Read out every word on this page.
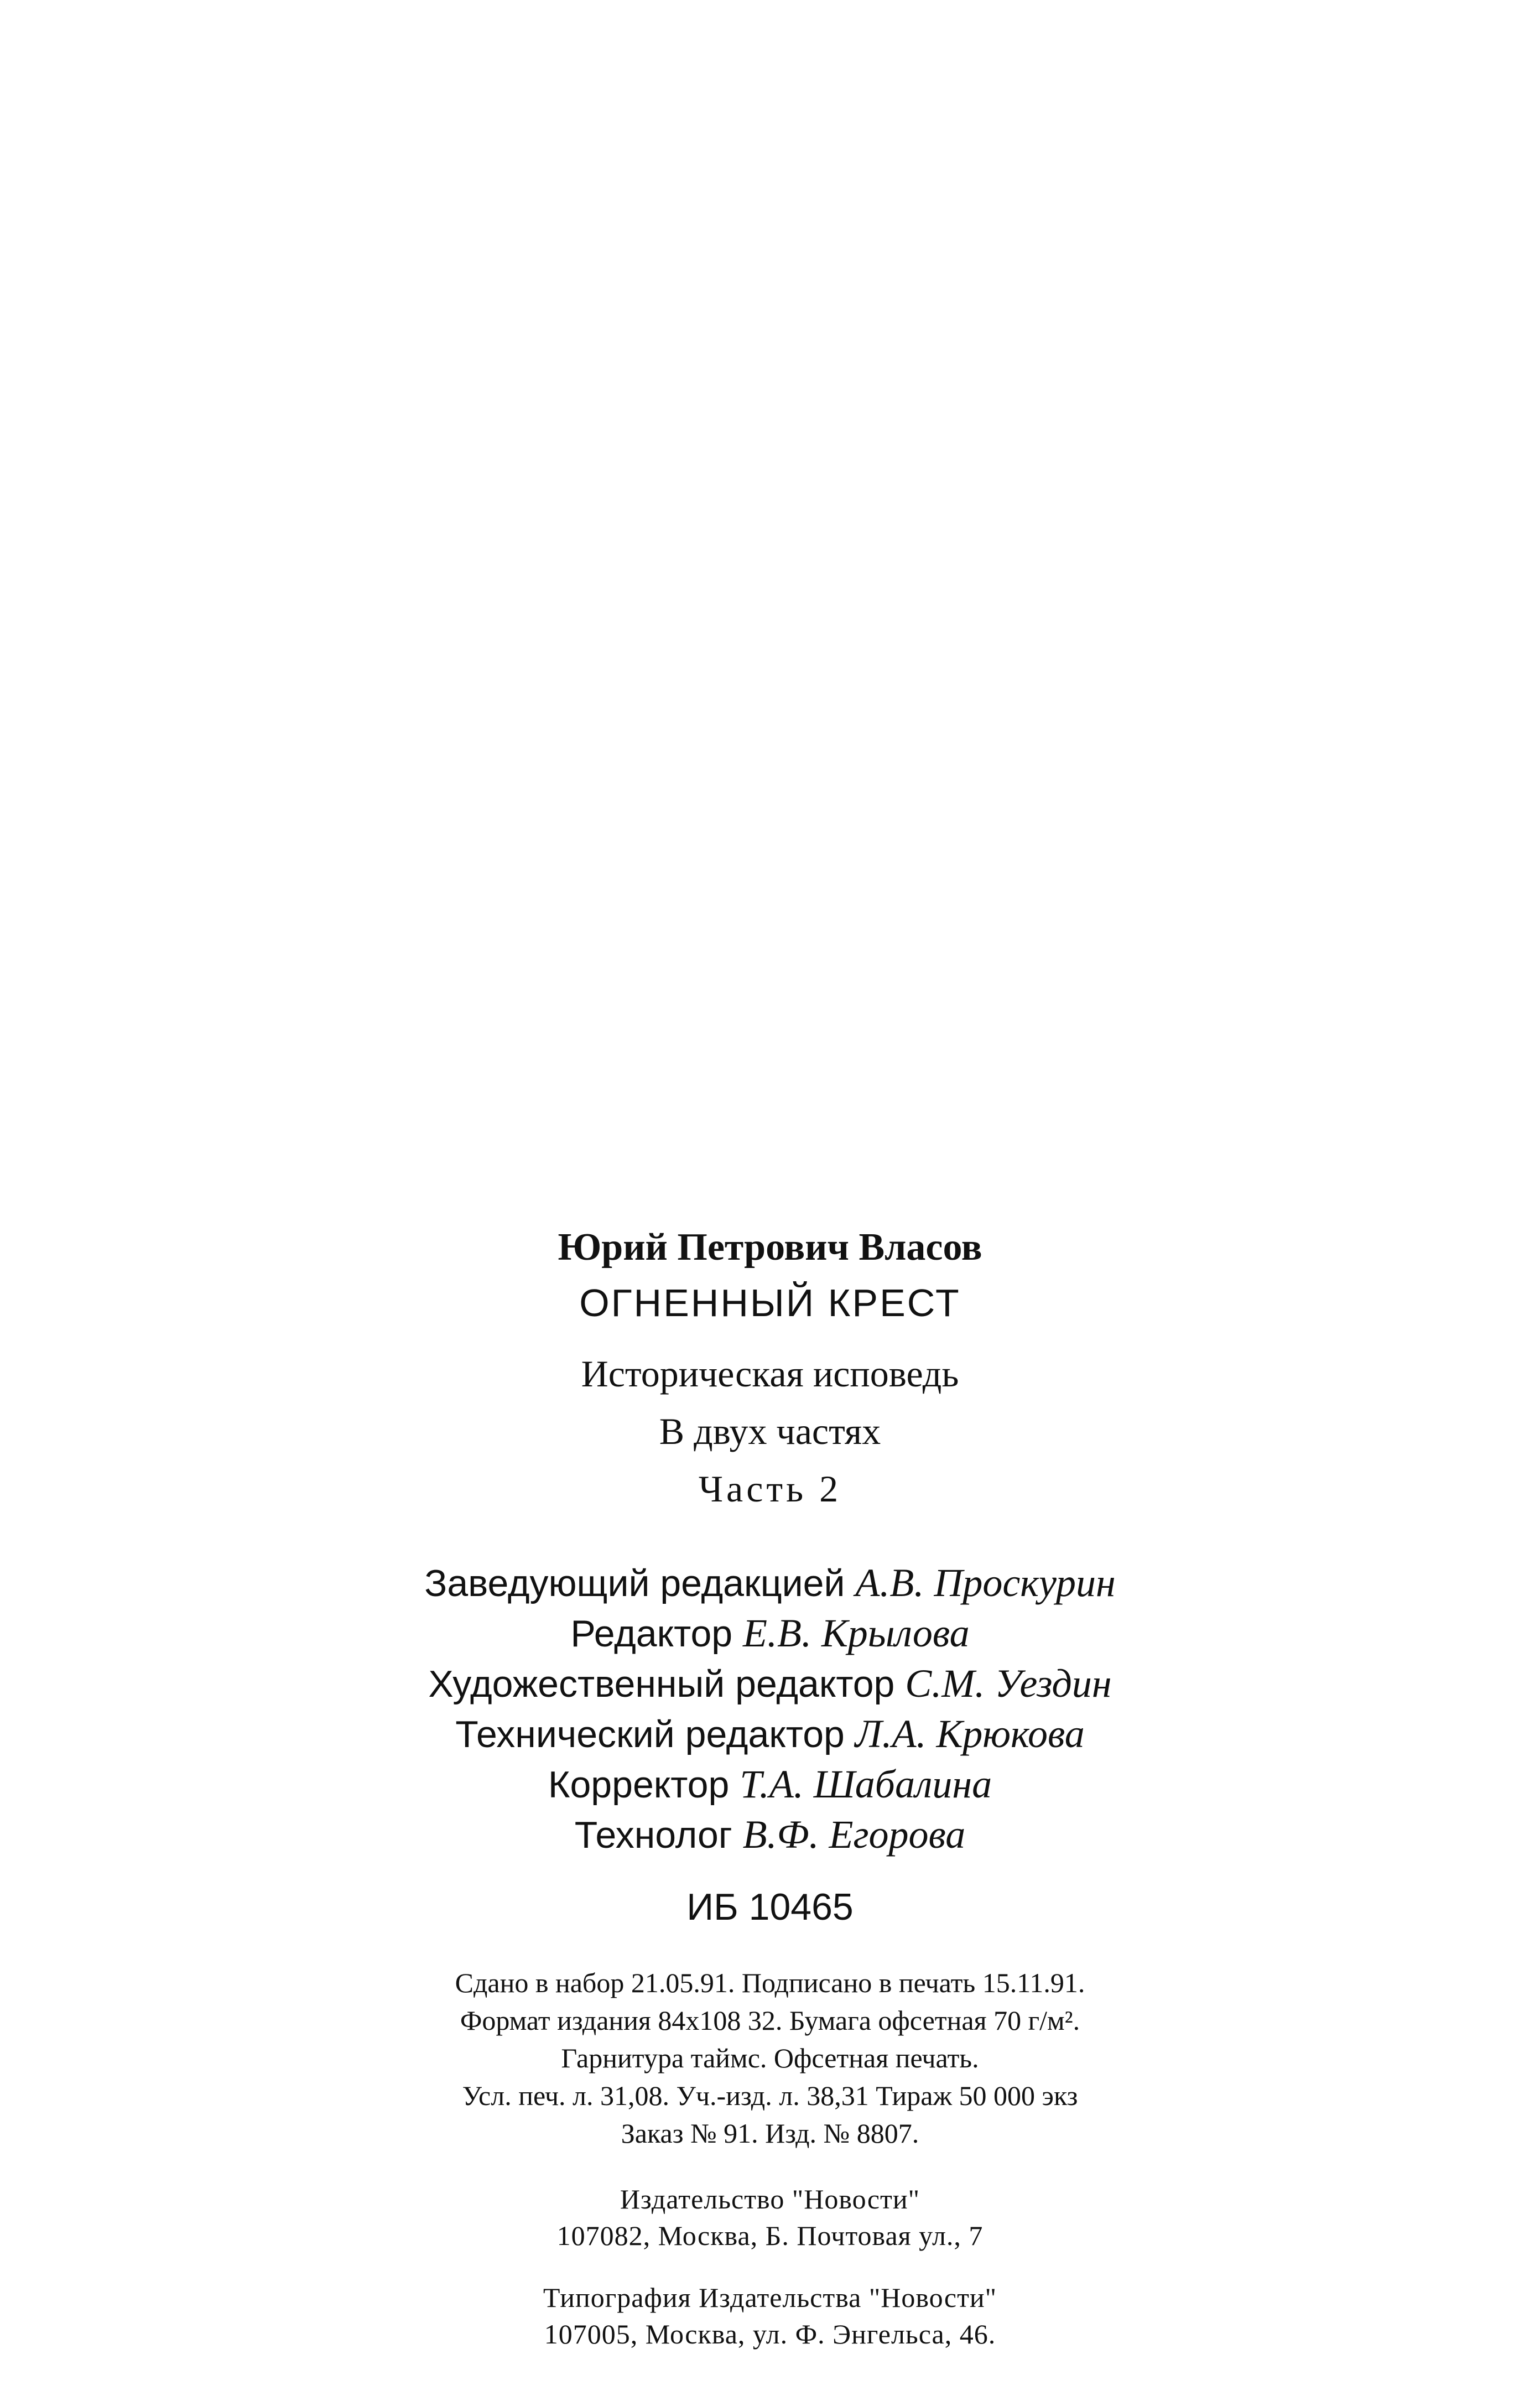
Юрий Петрович Власов
ОГНЕННЫЙ КРЕСТ
Историческая исповедь
В двух частях
Часть 2
Заведующий редакцией А.В. Проскурин
Редактор Е.В. Крылова
Художественный редактор С.М. Уездин
Технический редактор Л.А. Крюкова
Корректор Т.А. Шабалина
Технолог В.Ф. Егорова
ИБ 10465
Сдано в набор 21.05.91. Подписано в печать 15.11.91.
Формат издания 84х108 32. Бумага офсетная 70 г/м².
Гарнитура таймс. Офсетная печать.
Усл. печ. л. 31,08. Уч.-изд. л. 38,31 Тираж 50 000 экз
Заказ № 91. Изд. № 8807.
Издательство "Новости"
107082, Москва, Б. Почтовая ул., 7
Типография Издательства "Новости"
107005, Москва, ул. Ф. Энгельса, 46.
